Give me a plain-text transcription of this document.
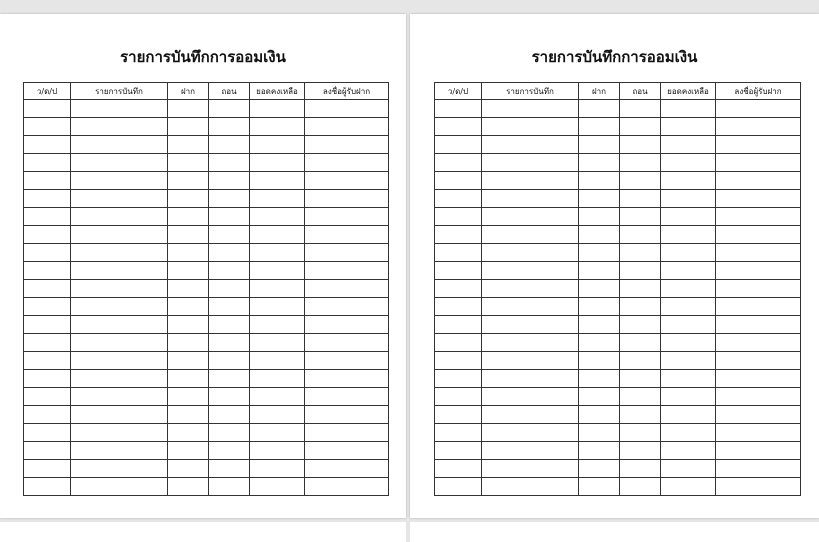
รายการบันทึกการออมเงิน
ว/ด/ป	รายการบันทึก	ฝาก	ถอน	ยอดคงเหลือ	ลงชื่อผู้รับฝาก

รายการบันทึกการออมเงิน
ว/ด/ป	รายการบันทึก	ฝาก	ถอน	ยอดคงเหลือ	ลงชื่อผู้รับฝาก
